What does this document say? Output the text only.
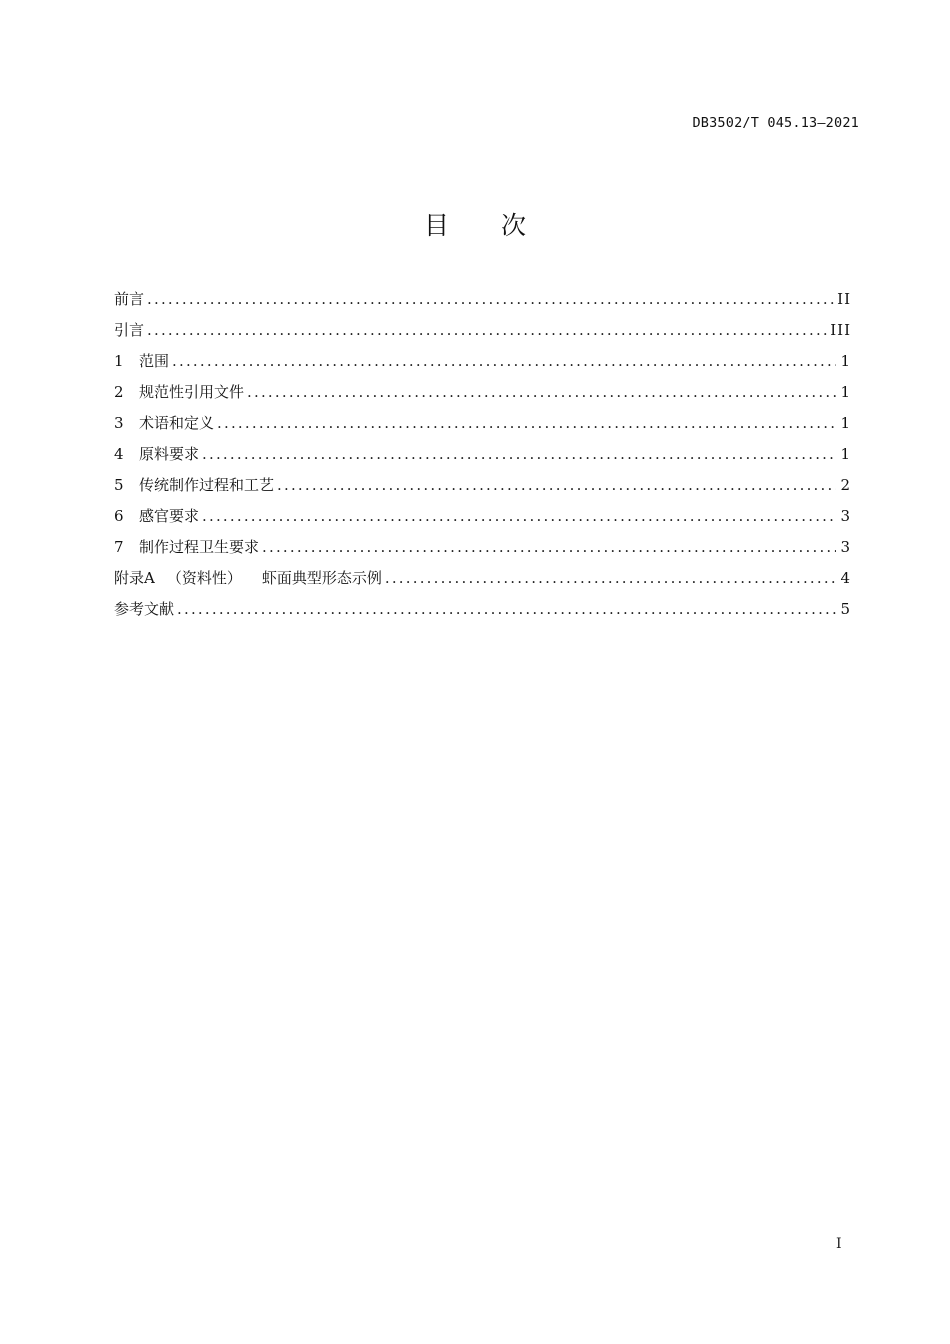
DB3502/T 045.13—2021
目 次
前言 .....	II
引言 .....	III
1	范围 .....	1
2	规范性引用文件 .....	1
3	术语和定义 .....	1
4	原料要求 .....	1
5	传统制作过程和工艺 .....	2
6	感官要求 .....	3
7	制作过程卫生要求 .....	3
附录A （资料性） 虾面典型形态示例 .....	4
参考文献 .....	5
I
